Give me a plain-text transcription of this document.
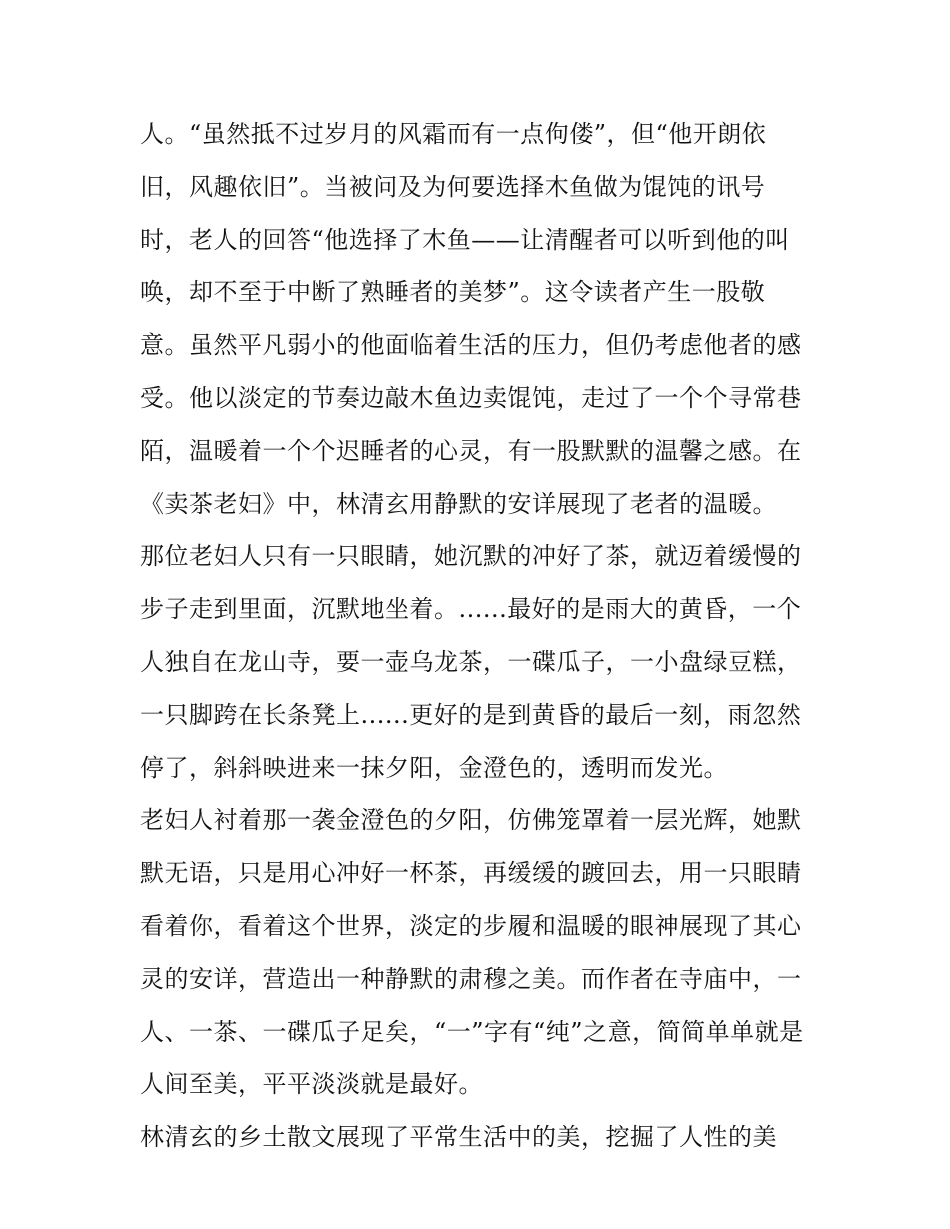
人。“虽然抵不过岁月的风霜而有一点佝偻”，但“他开朗依
旧，风趣依旧”。当被问及为何要选择木鱼做为馄饨的讯号
时，老人的回答“他选择了木鱼——让清醒者可以听到他的叫
唤，却不至于中断了熟睡者的美梦”。这令读者产生一股敬
意。虽然平凡弱小的他面临着生活的压力，但仍考虑他者的感
受。他以淡定的节奏边敲木鱼边卖馄饨，走过了一个个寻常巷
陌，温暖着一个个迟睡者的心灵，有一股默默的温馨之感。在
《卖茶老妇》中，林清玄用静默的安详展现了老者的温暖。
那位老妇人只有一只眼睛，她沉默的冲好了茶，就迈着缓慢的
步子走到里面，沉默地坐着。......最好的是雨大的黄昏，一个
人独自在龙山寺，要一壶乌龙茶，一碟瓜子，一小盘绿豆糕，
一只脚跨在长条凳上......更好的是到黄昏的最后一刻，雨忽然
停了，斜斜映进来一抹夕阳，金澄色的，透明而发光。
老妇人衬着那一袭金澄色的夕阳，仿佛笼罩着一层光辉，她默
默无语，只是用心冲好一杯茶，再缓缓的踱回去，用一只眼睛
看着你，看着这个世界，淡定的步履和温暖的眼神展现了其心
灵的安详，营造出一种静默的肃穆之美。而作者在寺庙中，一
人、一茶、一碟瓜子足矣，“一”字有“纯”之意，简简单单就是
人间至美，平平淡淡就是最好。
林清玄的乡土散文展现了平常生活中的美，挖掘了人性的美
